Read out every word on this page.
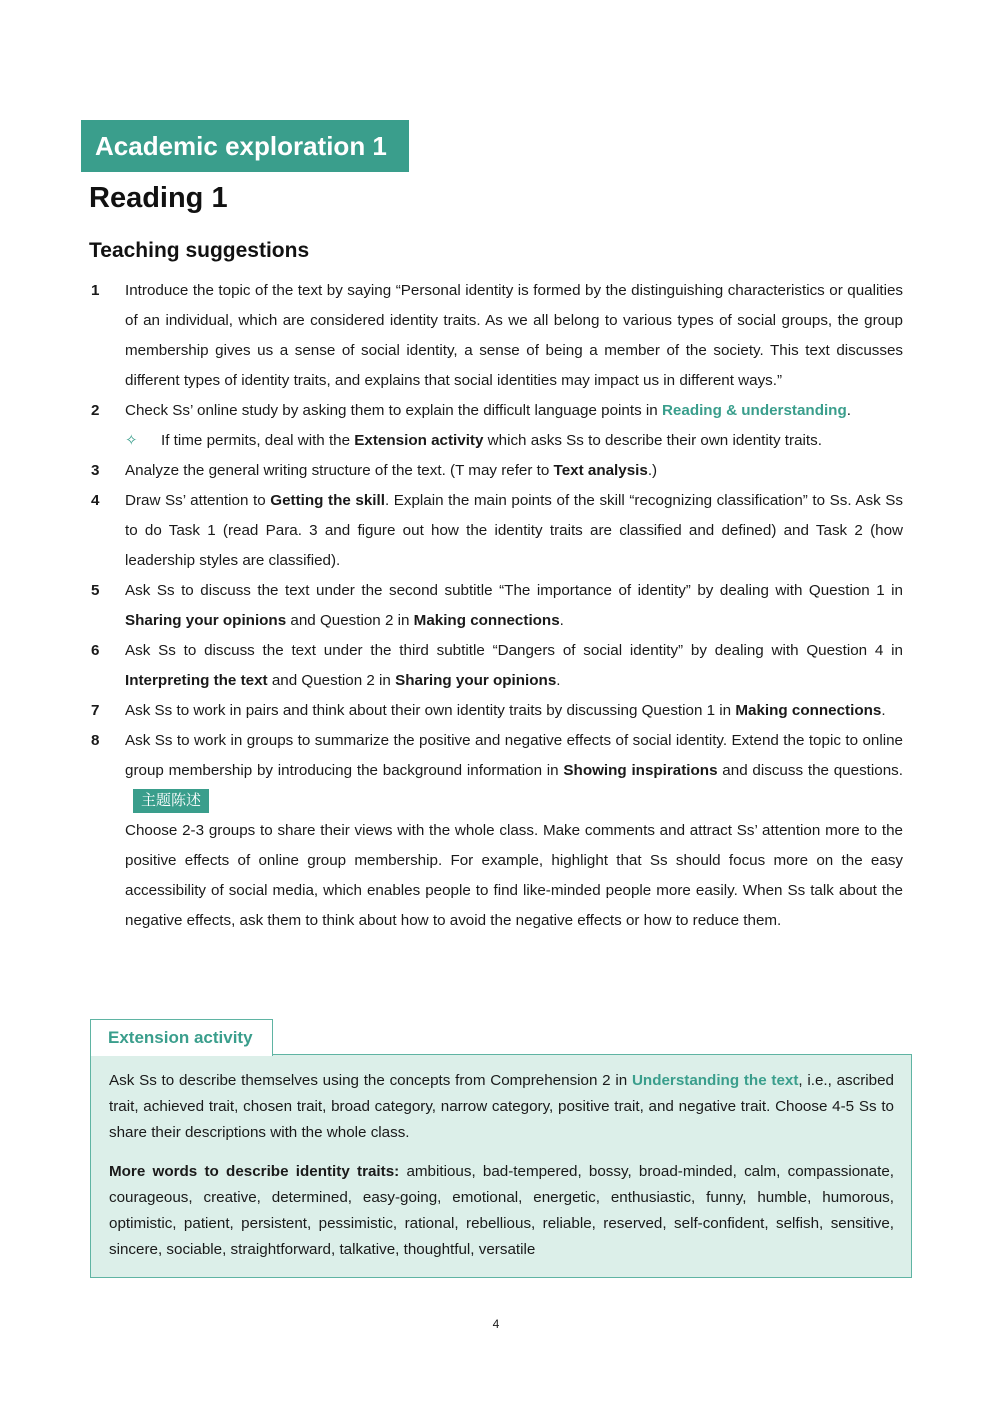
Academic exploration 1
Reading 1
Teaching suggestions
1 Introduce the topic of the text by saying “Personal identity is formed by the distinguishing characteristics or qualities of an individual, which are considered identity traits. As we all belong to various types of social groups, the group membership gives us a sense of social identity, a sense of being a member of the society. This text discusses different types of identity traits, and explains that social identities may impact us in different ways.”
2 Check Ss’ online study by asking them to explain the difficult language points in Reading & understanding.
✧ If time permits, deal with the Extension activity which asks Ss to describe their own identity traits.
3 Analyze the general writing structure of the text. (T may refer to Text analysis.)
4 Draw Ss’ attention to Getting the skill. Explain the main points of the skill “recognizing classification” to Ss. Ask Ss to do Task 1 (read Para. 3 and figure out how the identity traits are classified and defined) and Task 2 (how leadership styles are classified).
5 Ask Ss to discuss the text under the second subtitle “The importance of identity” by dealing with Question 1 in Sharing your opinions and Question 2 in Making connections.
6 Ask Ss to discuss the text under the third subtitle “Dangers of social identity” by dealing with Question 4 in Interpreting the text and Question 2 in Sharing your opinions.
7 Ask Ss to work in pairs and think about their own identity traits by discussing Question 1 in Making connections.
8 Ask Ss to work in groups to summarize the positive and negative effects of social identity. Extend the topic to online group membership by introducing the background information in Showing inspirations and discuss the questions.主题陈述
Choose 2-3 groups to share their views with the whole class. Make comments and attract Ss’ attention more to the positive effects of online group membership. For example, highlight that Ss should focus more on the easy accessibility of social media, which enables people to find like-minded people more easily. When Ss talk about the negative effects, ask them to think about how to avoid the negative effects or how to reduce them.
Extension activity

Ask Ss to describe themselves using the concepts from Comprehension 2 in Understanding the text, i.e., ascribed trait, achieved trait, chosen trait, broad category, narrow category, positive trait, and negative trait. Choose 4-5 Ss to share their descriptions with the whole class.

More words to describe identity traits: ambitious, bad-tempered, bossy, broad-minded, calm, compassionate, courageous, creative, determined, easy-going, emotional, energetic, enthusiastic, funny, humble, humorous, optimistic, patient, persistent, pessimistic, rational, rebellious, reliable, reserved, self-confident, selfish, sensitive, sincere, sociable, straightforward, talkative, thoughtful, versatile

4
